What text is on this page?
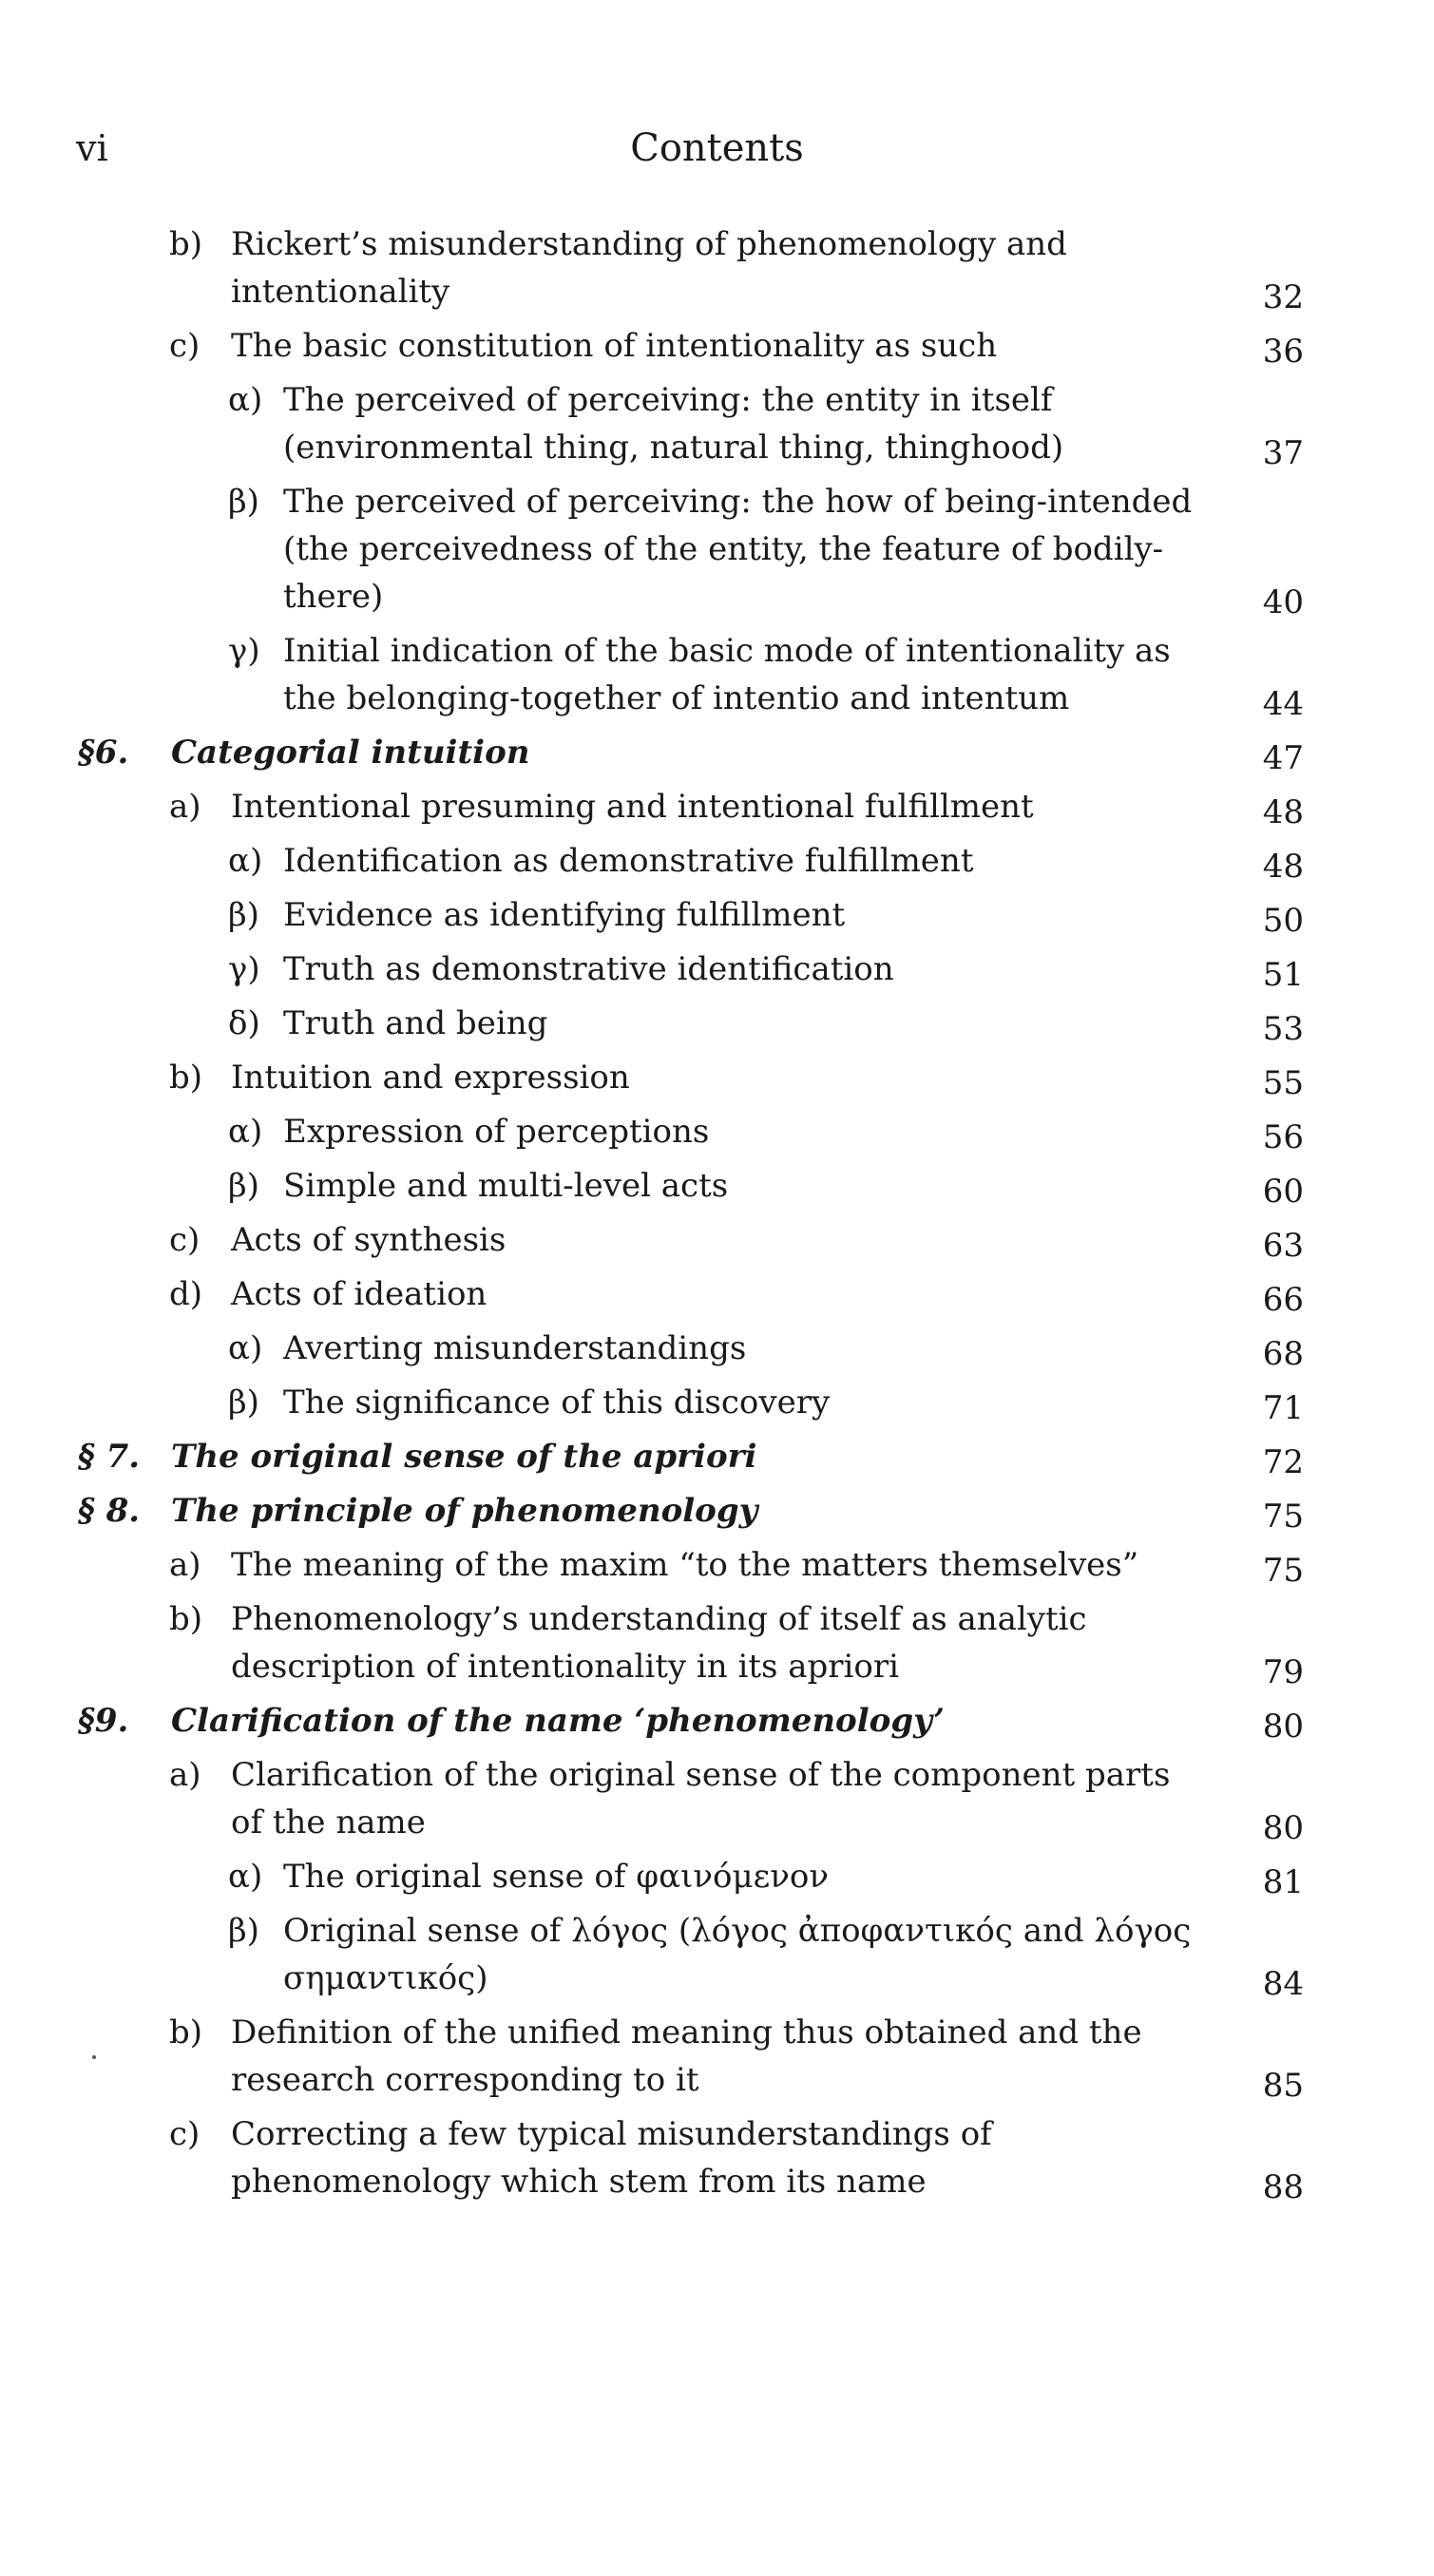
vi	Contents
b) Rickert’s misunderstanding of phenomenology and intentionality	32
c) The basic constitution of intentionality as such	36
α) The perceived of perceiving: the entity in itself (environmental thing, natural thing, thinghood)	37
β) The perceived of perceiving: the how of being-intended (the perceivedness of the entity, the feature of bodily-there)	40
γ) Initial indication of the basic mode of intentionality as the belonging-together of intentio and intentum	44
§6. Categorial intuition	47
a) Intentional presuming and intentional fulfillment	48
α) Identification as demonstrative fulfillment	48
β) Evidence as identifying fulfillment	50
γ) Truth as demonstrative identification	51
δ) Truth and being	53
b) Intuition and expression	55
α) Expression of perceptions	56
β) Simple and multi-level acts	60
c) Acts of synthesis	63
d) Acts of ideation	66
α) Averting misunderstandings	68
β) The significance of this discovery	71
§ 7. The original sense of the apriori	72
§ 8. The principle of phenomenology	75
a) The meaning of the maxim “to the matters themselves”	75
b) Phenomenology’s understanding of itself as analytic description of intentionality in its apriori	79
§9. Clarification of the name ‘phenomenology’	80
a) Clarification of the original sense of the component parts of the name	80
α) The original sense of φαινόμενον	81
β) Original sense of λόγος (λόγος ἀποφαντικός and λόγος σημαντικός)	84
b) Definition of the unified meaning thus obtained and the research corresponding to it	85
c) Correcting a few typical misunderstandings of phenomenology which stem from its name	88
